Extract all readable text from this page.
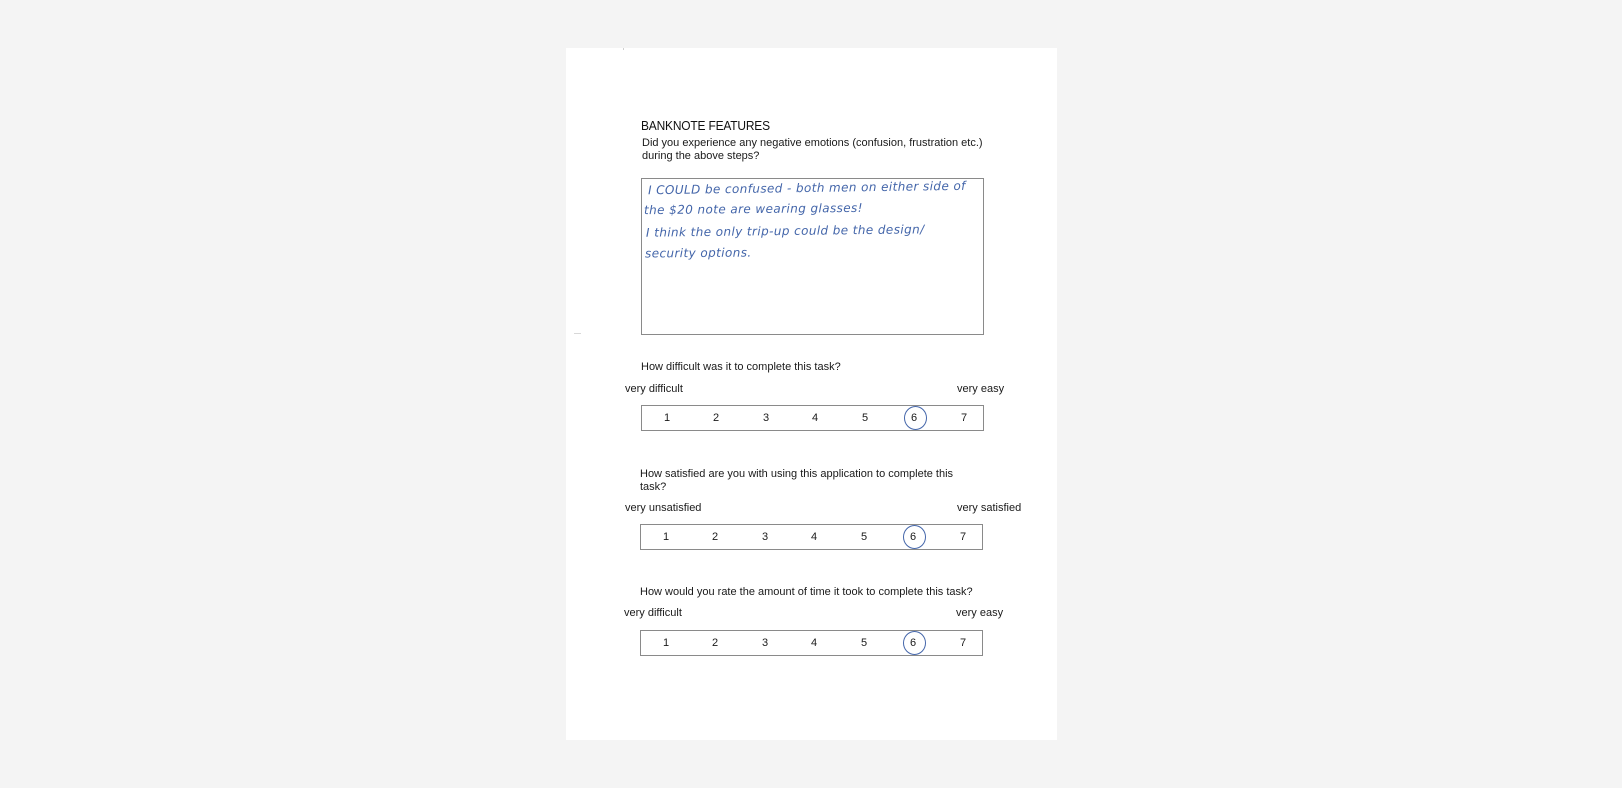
BANKNOTE FEATURES
Did you experience any negative emotions (confusion, frustration etc.) during the above steps?
I COULD be confused - both men on either side of
the $20 note are wearing glasses!
I think the only trip-up could be the design/
security options.
How difficult was it to complete this task?
very difficult	very easy
1	2	3	4	5	6	7
How satisfied are you with using this application to complete this task?
very unsatisfied	very satisfied
1	2	3	4	5	6	7
How would you rate the amount of time it took to complete this task?
very difficult	very easy
1	2	3	4	5	6	7
